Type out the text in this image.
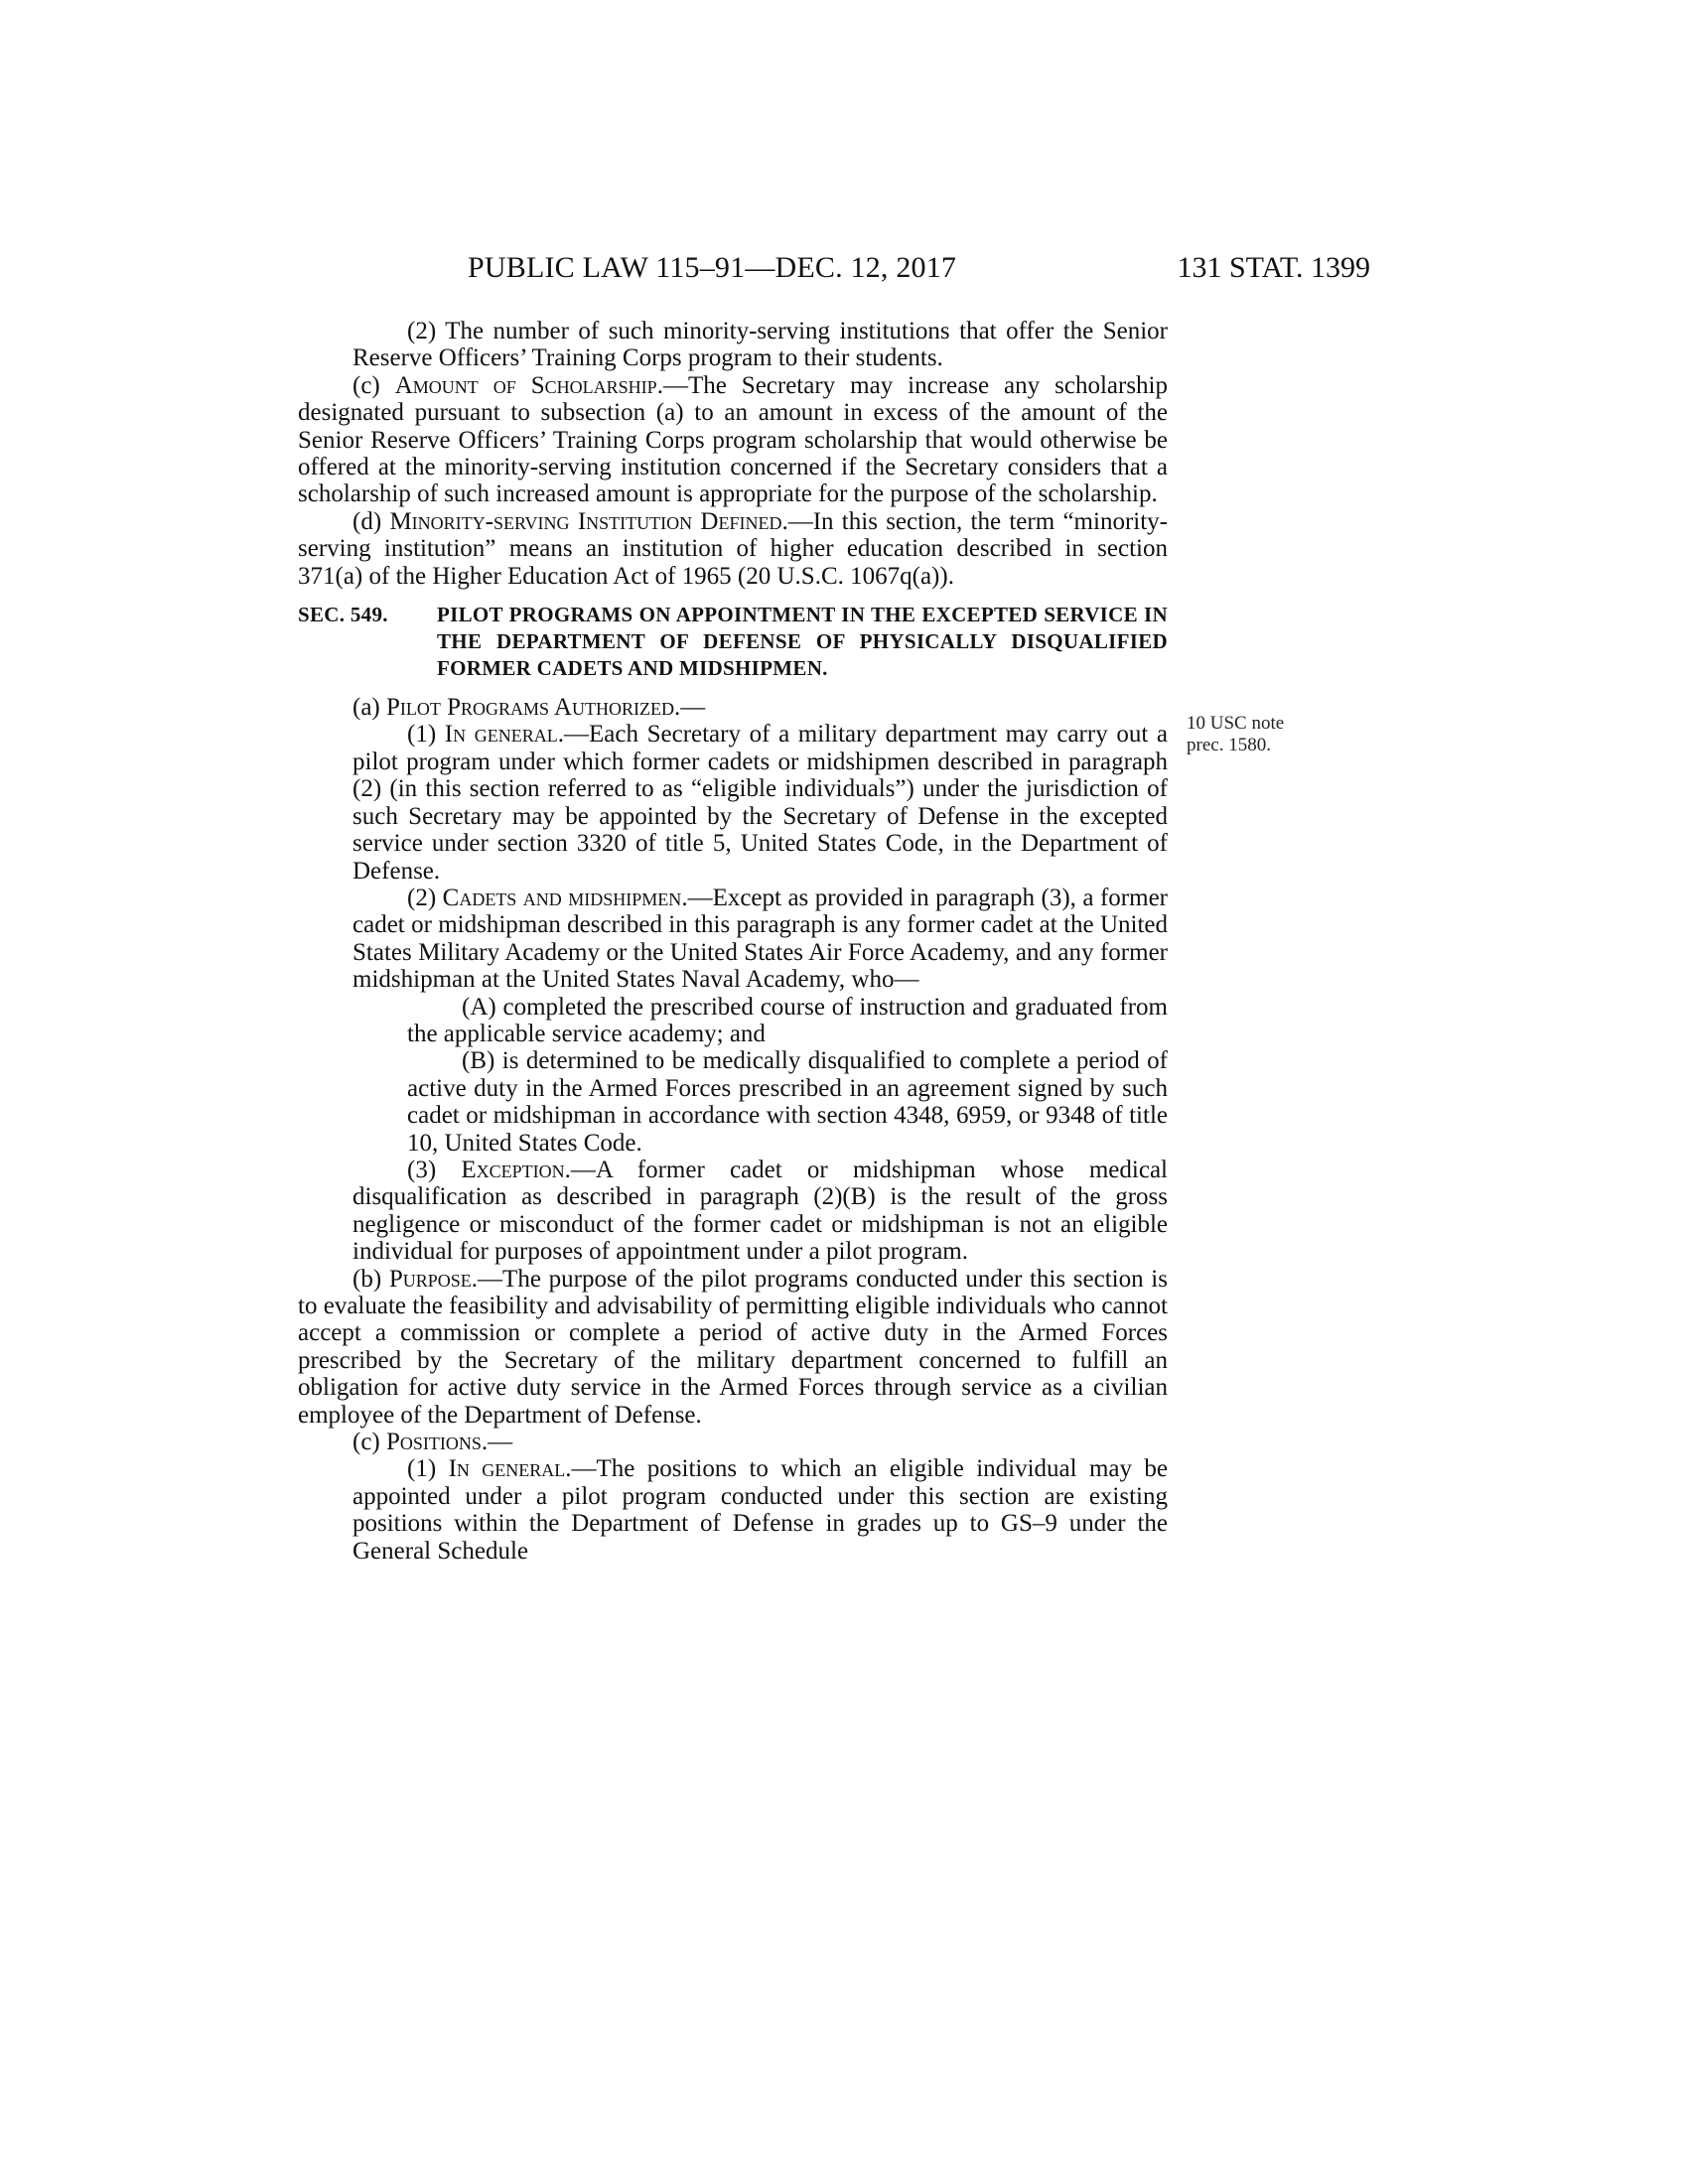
PUBLIC LAW 115–91—DEC. 12, 2017	131 STAT. 1399
10 USC note
prec. 1580.

(2) The number of such minority-serving institutions that offer the Senior Reserve Officers’ Training Corps program to their students.

(c) Amount of Scholarship.—The Secretary may increase any scholarship designated pursuant to subsection (a) to an amount in excess of the amount of the Senior Reserve Officers’ Training Corps program scholarship that would otherwise be offered at the minority-serving institution concerned if the Secretary considers that a scholarship of such increased amount is appropriate for the purpose of the scholarship.

(d) Minority-serving Institution Defined.—In this section, the term “minority-serving institution” means an institution of higher education described in section 371(a) of the Higher Education Act of 1965 (20 U.S.C. 1067q(a)).

SEC. 549.	PILOT PROGRAMS ON APPOINTMENT IN THE EXCEPTED SERVICE IN THE DEPARTMENT OF DEFENSE OF PHYSICALLY DISQUALIFIED FORMER CADETS AND MIDSHIPMEN.

(a) Pilot Programs Authorized.—

(1) In general.—Each Secretary of a military department may carry out a pilot program under which former cadets or midshipmen described in paragraph (2) (in this section referred to as “eligible individuals”) under the jurisdiction of such Secretary may be appointed by the Secretary of Defense in the excepted service under section 3320 of title 5, United States Code, in the Department of Defense.

(2) Cadets and midshipmen.—Except as provided in paragraph (3), a former cadet or midshipman described in this paragraph is any former cadet at the United States Military Academy or the United States Air Force Academy, and any former midshipman at the United States Naval Academy, who—

(A) completed the prescribed course of instruction and graduated from the applicable service academy; and

(B) is determined to be medically disqualified to complete a period of active duty in the Armed Forces prescribed in an agreement signed by such cadet or midshipman in accordance with section 4348, 6959, or 9348 of title 10, United States Code.

(3) Exception.—A former cadet or midshipman whose medical disqualification as described in paragraph (2)(B) is the result of the gross negligence or misconduct of the former cadet or midshipman is not an eligible individual for purposes of appointment under a pilot program.

(b) Purpose.—The purpose of the pilot programs conducted under this section is to evaluate the feasibility and advisability of permitting eligible individuals who cannot accept a commission or complete a period of active duty in the Armed Forces prescribed by the Secretary of the military department concerned to fulfill an obligation for active duty service in the Armed Forces through service as a civilian employee of the Department of Defense.

(c) Positions.—

(1) In general.—The positions to which an eligible individual may be appointed under a pilot program conducted under this section are existing positions within the Department of Defense in grades up to GS–9 under the General Schedule
